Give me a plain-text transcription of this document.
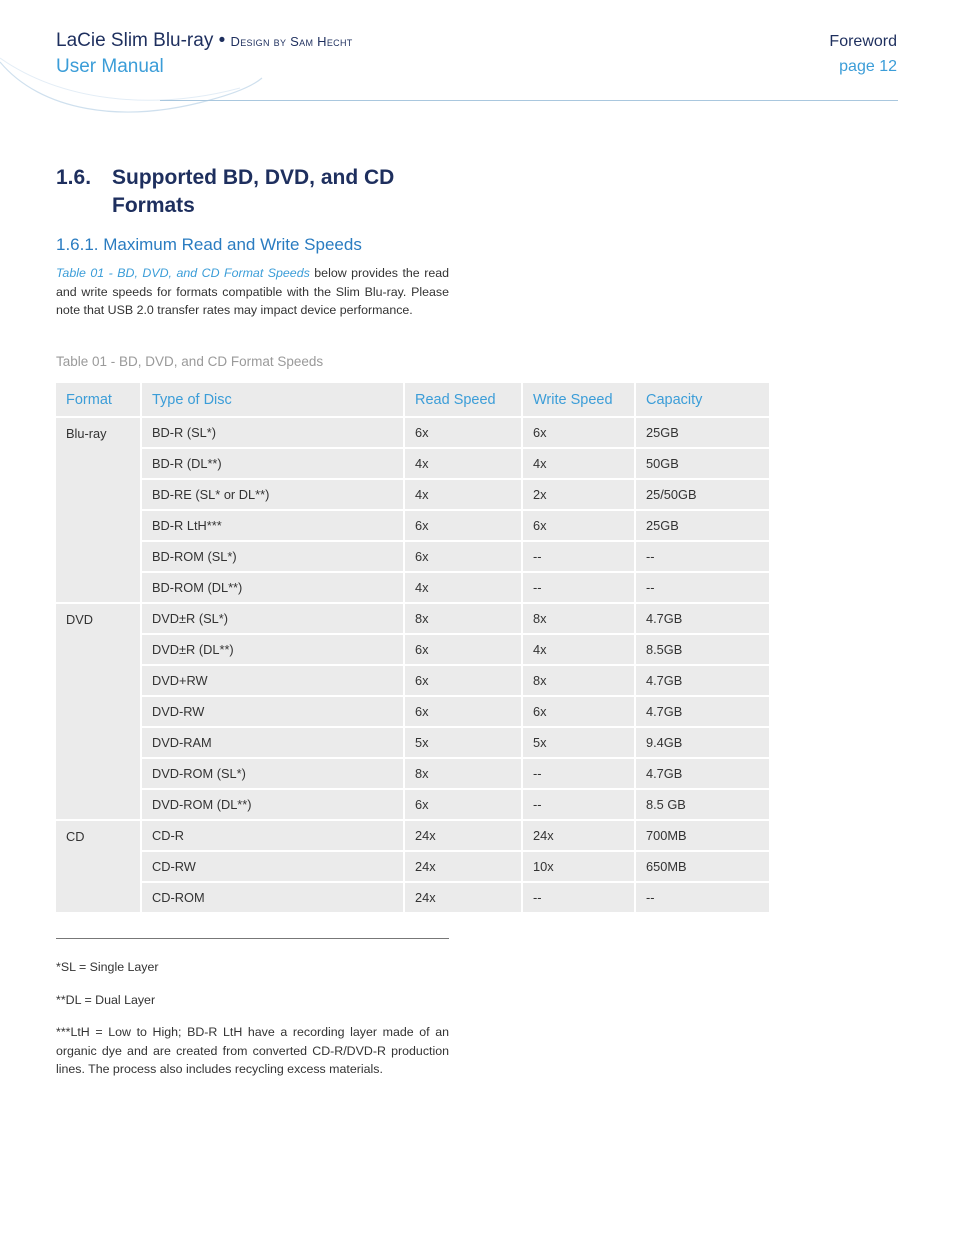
LaCie Slim Blu-ray • Design by Sam Hecht
User Manual
Foreword
page 12
1.6. Supported BD, DVD, and CD
Formats
1.6.1. Maximum Read and Write Speeds
Table 01 - BD, DVD, and CD Format Speeds below provides the read and write speeds for formats compatible with the Slim Blu-ray. Please note that USB 2.0 transfer rates may impact device performance.
Table 01 - BD, DVD, and CD Format Speeds
Format	Type of Disc	Read Speed	Write Speed	Capacity
Blu-ray	BD-R (SL*)	6x	6x	25GB
	BD-R (DL**)	4x	4x	50GB
	BD-RE (SL* or DL**)	4x	2x	25/50GB
	BD-R LtH***	6x	6x	25GB
	BD-ROM (SL*)	6x	--	--
	BD-ROM (DL**)	4x	--	--
DVD	DVD±R (SL*)	8x	8x	4.7GB
	DVD±R (DL**)	6x	4x	8.5GB
	DVD+RW	6x	8x	4.7GB
	DVD-RW	6x	6x	4.7GB
	DVD-RAM	5x	5x	9.4GB
	DVD-ROM (SL*)	8x	--	4.7GB
	DVD-ROM (DL**)	6x	--	8.5 GB
CD	CD-R	24x	24x	700MB
	CD-RW	24x	10x	650MB
	CD-ROM	24x	--	--
*SL = Single Layer
**DL = Dual Layer
***LtH = Low to High; BD-R LtH have a recording layer made of an organic dye and are created from converted CD-R/DVD-R production lines. The process also includes recycling excess materials.
